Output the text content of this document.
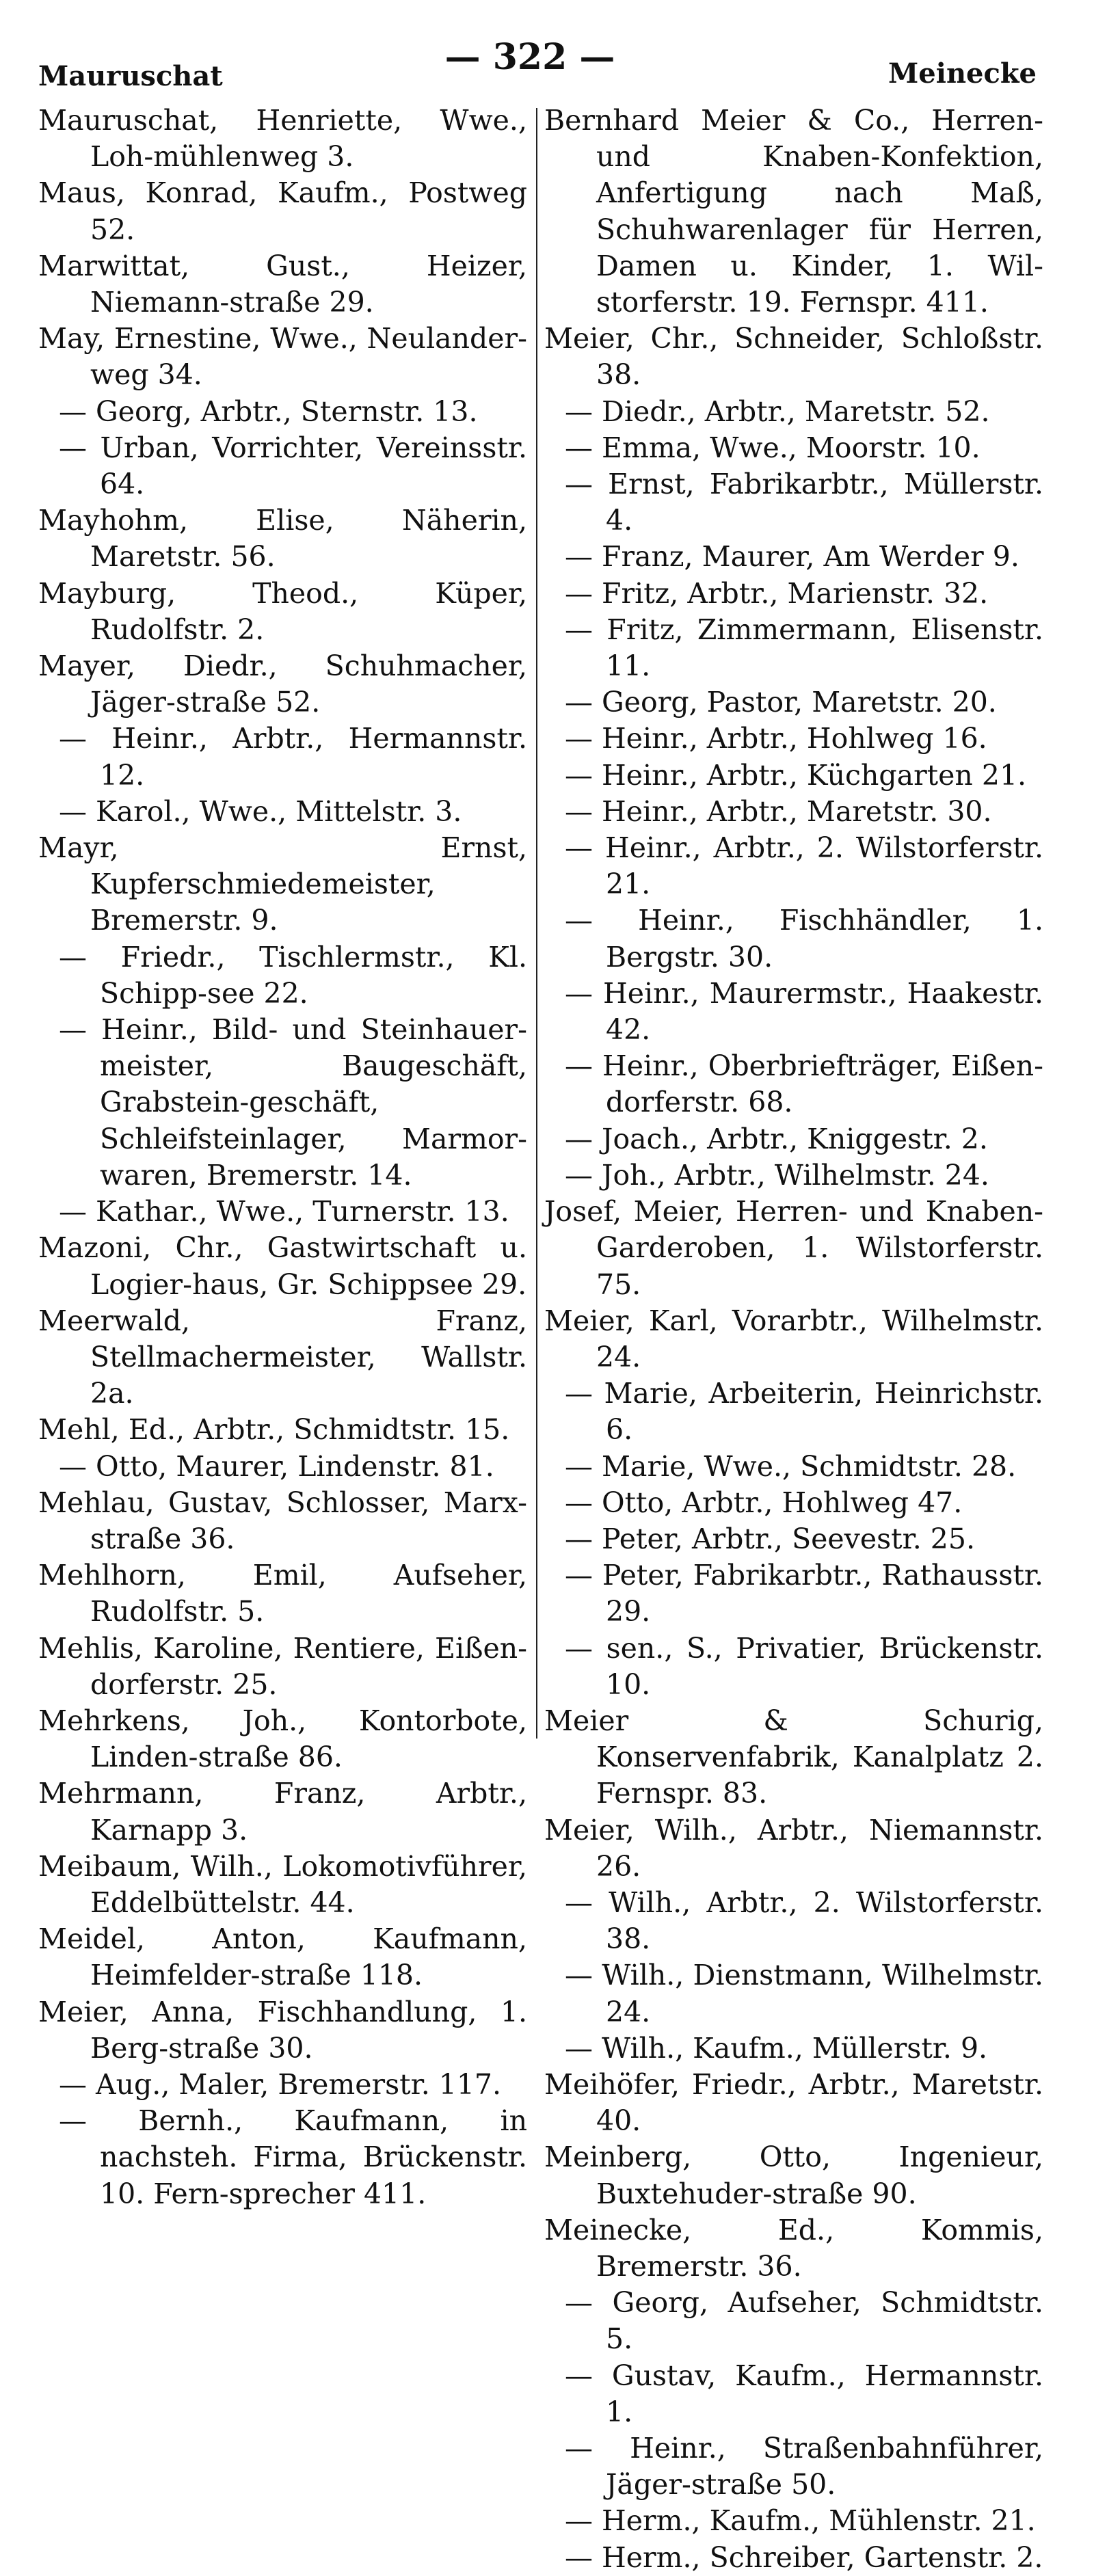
Mauruschat	— 322 —	Meinecke
Mauruschat, Henriette, Wwe., Loh-mühlenweg 3.
Maus, Konrad, Kaufm., Postweg 52.
Marwittat, Gust., Heizer, Niemann-straße 29.
May, Ernestine, Wwe., Neulander-weg 34.
— Georg, Arbtr., Sternstr. 13.
— Urban, Vorrichter, Vereinsstr. 64.
Mayhohm, Elise, Näherin, Maretstr. 56.
Mayburg, Theod., Küper, Rudolfstr. 2.
Mayer, Diedr., Schuhmacher, Jäger-straße 52.
— Heinr., Arbtr., Hermannstr. 12.
— Karol., Wwe., Mittelstr. 3.
Mayr, Ernst, Kupferschmiedemeister, Bremerstr. 9.
— Friedr., Tischlermstr., Kl. Schipp-see 22.
— Heinr., Bild- und Steinhauer-meister, Baugeschäft, Grabstein-geschäft, Schleifsteinlager, Marmor-waren, Bremerstr. 14.
— Kathar., Wwe., Turnerstr. 13.
Mazoni, Chr., Gastwirtschaft u. Logier-haus, Gr. Schippsee 29.
Meerwald, Franz, Stellmachermeister, Wallstr. 2a.
Mehl, Ed., Arbtr., Schmidtstr. 15.
— Otto, Maurer, Lindenstr. 81.
Mehlau, Gustav, Schlosser, Marx-straße 36.
Mehlhorn, Emil, Aufseher, Rudolfstr. 5.
Mehlis, Karoline, Rentiere, Eißen-dorferstr. 25.
Mehrkens, Joh., Kontorbote, Linden-straße 86.
Mehrmann, Franz, Arbtr., Karnapp 3.
Meibaum, Wilh., Lokomotivführer, Eddelbüttelstr. 44.
Meidel, Anton, Kaufmann, Heimfelder-straße 118.
Meier, Anna, Fischhandlung, 1. Berg-straße 30.
— Aug., Maler, Bremerstr. 117.
— Bernh., Kaufmann, in nachsteh. Firma, Brückenstr. 10. Fern-sprecher 411.
Bernhard Meier & Co., Herren- und Knaben-Konfektion, Anfertigung nach Maß, Schuhwarenlager für Herren, Damen u. Kinder, 1. Wil-storferstr. 19. Fernspr. 411.
Meier, Chr., Schneider, Schloßstr. 38.
— Diedr., Arbtr., Maretstr. 52.
— Emma, Wwe., Moorstr. 10.
— Ernst, Fabrikarbtr., Müllerstr. 4.
— Franz, Maurer, Am Werder 9.
— Fritz, Arbtr., Marienstr. 32.
— Fritz, Zimmermann, Elisenstr. 11.
— Georg, Pastor, Maretstr. 20.
— Heinr., Arbtr., Hohlweg 16.
— Heinr., Arbtr., Küchgarten 21.
— Heinr., Arbtr., Maretstr. 30.
— Heinr., Arbtr., 2. Wilstorferstr. 21.
— Heinr., Fischhändler, 1. Bergstr. 30.
— Heinr., Maurermstr., Haakestr. 42.
— Heinr., Oberbriefträger, Eißen-dorferstr. 68.
— Joach., Arbtr., Kniggestr. 2.
— Joh., Arbtr., Wilhelmstr. 24.
Josef, Meier, Herren- und Knaben-Garderoben, 1. Wilstorferstr. 75.
Meier, Karl, Vorarbtr., Wilhelmstr. 24.
— Marie, Arbeiterin, Heinrichstr. 6.
— Marie, Wwe., Schmidtstr. 28.
— Otto, Arbtr., Hohlweg 47.
— Peter, Arbtr., Seevestr. 25.
— Peter, Fabrikarbtr., Rathausstr. 29.
— sen., S., Privatier, Brückenstr. 10.
Meier & Schurig, Konservenfabrik, Kanalplatz 2. Fernspr. 83.
Meier, Wilh., Arbtr., Niemannstr. 26.
— Wilh., Arbtr., 2. Wilstorferstr. 38.
— Wilh., Dienstmann, Wilhelmstr. 24.
— Wilh., Kaufm., Müllerstr. 9.
Meihöfer, Friedr., Arbtr., Maretstr. 40.
Meinberg, Otto, Ingenieur, Buxtehuder-straße 90.
Meinecke, Ed., Kommis, Bremerstr. 36.
— Georg, Aufseher, Schmidtstr. 5.
— Gustav, Kaufm., Hermannstr. 1.
— Heinr., Straßenbahnführer, Jäger-straße 50.
— Herm., Kaufm., Mühlenstr. 21.
— Herm., Schreiber, Gartenstr. 2.
